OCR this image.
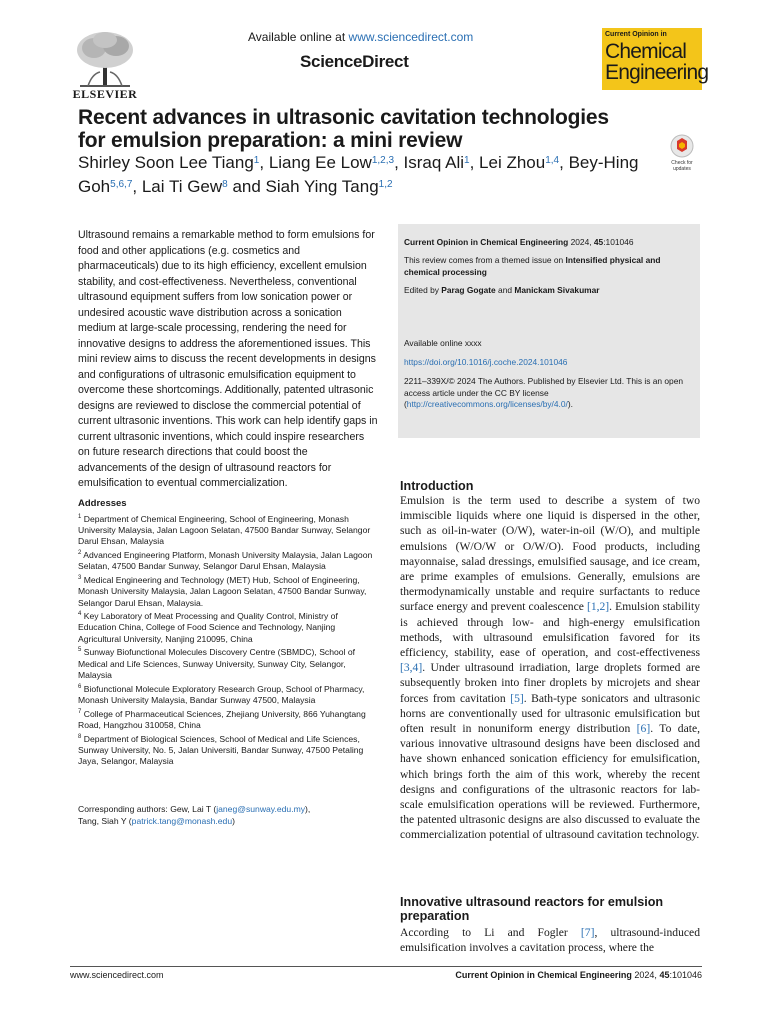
ELSEVIER
Available online at www.sciencedirect.com
ScienceDirect
Current Opinion in
Chemical
Engineering
Recent advances in ultrasonic cavitation technologies for emulsion preparation: a mini review
Shirley Soon Lee Tiang$^1$, Liang Ee Low$^{1,2,3}$, Israq Ali$^1$, Lei Zhou$^{1,4}$, Bey-Hing Goh$^{5,6,7}$, Lai Ti Gew$^8$ and Siah Ying Tang$^{1,2}$
Check for
updates
Ultrasound remains a remarkable method to form emulsions for food and other applications (e.g. cosmetics and pharmaceuticals) due to its high efficiency, excellent emulsion stability, and cost-effectiveness. Nevertheless, conventional ultrasound equipment suffers from low sonication power or undesired acoustic wave distribution across a sonication medium at large-scale processing, rendering the need for innovative designs to address the aforementioned issues. This mini review aims to discuss the recent developments in designs and configurations of ultrasonic emulsification equipment to overcome these shortcomings. Additionally, patented ultrasonic designs are reviewed to disclose the commercial potential of current ultrasonic inventions. This work can help identify gaps in current ultrasonic inventions, which could inspire researchers on future research directions that could boost the advancements of the design of ultrasound reactors for emulsification to eventual commercialization.
Addresses
$^1$ Department of Chemical Engineering, School of Engineering, Monash University Malaysia, Jalan Lagoon Selatan, 47500 Bandar Sunway, Selangor Darul Ehsan, Malaysia
$^2$ Advanced Engineering Platform, Monash University Malaysia, Jalan Lagoon Selatan, 47500 Bandar Sunway, Selangor Darul Ehsan, Malaysia
$^3$ Medical Engineering and Technology (MET) Hub, School of Engineering, Monash University Malaysia, Jalan Lagoon Selatan, 47500 Bandar Sunway, Selangor Darul Ehsan, Malaysia.
$^4$ Key Laboratory of Meat Processing and Quality Control, Ministry of Education China, College of Food Science and Technology, Nanjing Agricultural University, Nanjing 210095, China
$^5$ Sunway Biofunctional Molecules Discovery Centre (SBMDC), School of Medical and Life Sciences, Sunway University, Sunway City, Selangor, Malaysia
$^6$ Biofunctional Molecule Exploratory Research Group, School of Pharmacy, Monash University Malaysia, Bandar Sunway 47500, Malaysia
$^7$ College of Pharmaceutical Sciences, Zhejiang University, 866 Yuhangtang Road, Hangzhou 310058, China
$^8$ Department of Biological Sciences, School of Medical and Life Sciences, Sunway University, No. 5, Jalan Universiti, Bandar Sunway, 47500 Petaling Jaya, Selangor, Malaysia
Corresponding authors: Gew, Lai T (janeg@sunway.edu.my),
Tang, Siah Y (patrick.tang@monash.edu)
Current Opinion in Chemical Engineering 2024, 45:101046
This review comes from a themed issue on Intensified physical and chemical processing
Edited by Parag Gogate and Manickam Sivakumar
Available online xxxx
https://doi.org/10.1016/j.coche.2024.101046
2211–339X/© 2024 The Authors. Published by Elsevier Ltd. This is an open access article under the CC BY license (http://creativecommons.org/licenses/by/4.0/).
Introduction
Emulsion is the term used to describe a system of two immiscible liquids where one liquid is dispersed in the other, such as oil-in-water (O/W), water-in-oil (W/O), and multiple emulsions (W/O/W or O/W/O). Food products, including mayonnaise, salad dressings, emulsified sausage, and ice cream, are prime examples of emulsions. Generally, emulsions are thermodynamically unstable and require surfactants to reduce surface energy and prevent coalescence [1,2]. Emulsion stability is achieved through low- and high-energy emulsification methods, with ultrasound emulsification favored for its efficiency, stability, ease of operation, and cost-effectiveness [3,4]. Under ultrasound irradiation, large droplets formed are subsequently broken into finer droplets by microjets and shear forces from cavitation [5]. Bath-type sonicators and ultrasonic horns are conventionally used for ultrasonic emulsification but often result in nonuniform energy distribution [6]. To date, various innovative ultrasound designs have been disclosed and have shown enhanced sonication efficiency for emulsification, which brings forth the aim of this work, whereby the recent designs and configurations of the ultrasonic reactors for lab-scale emulsification operations will be reviewed. Furthermore, the patented ultrasonic designs are also discussed to evaluate the commercialization potential of ultrasound cavitation technology.
Innovative ultrasound reactors for emulsion preparation
According to Li and Fogler [7], ultrasound-induced emulsification involves a cavitation process, where the
www.sciencedirect.com	Current Opinion in Chemical Engineering 2024, 45:101046
